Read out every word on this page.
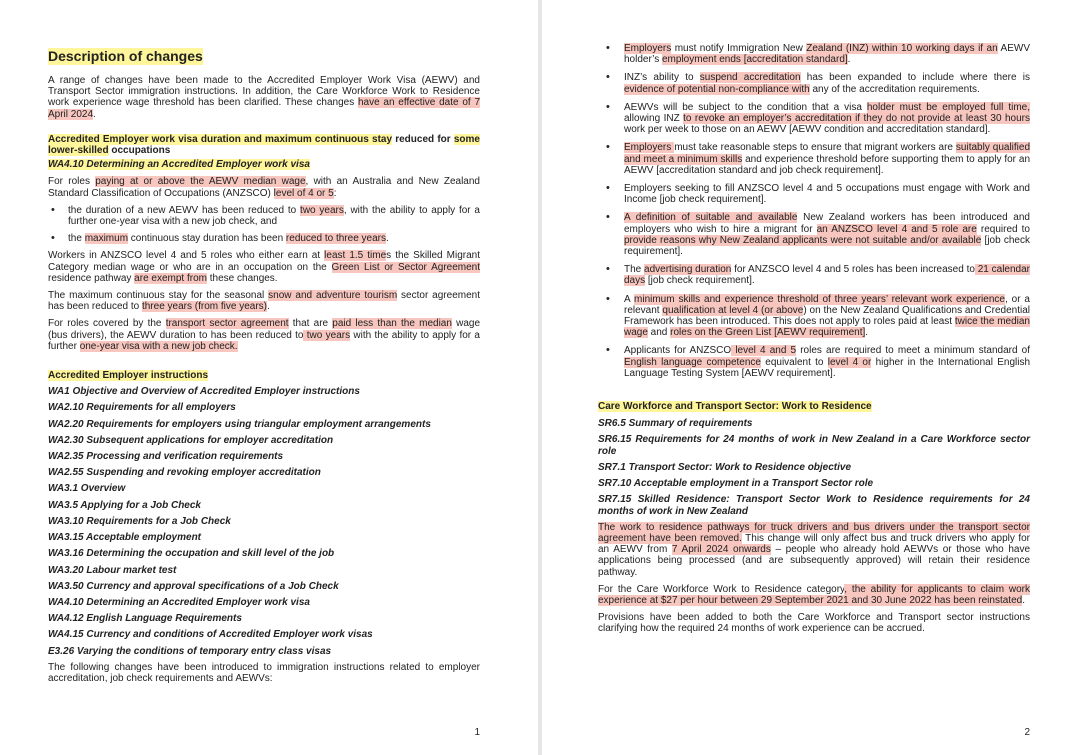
Description of changes
A range of changes have been made to the Accredited Employer Work Visa (AEWV) and Transport Sector immigration instructions. In addition, the Care Workforce Work to Residence work experience wage threshold has been clarified. These changes have an effective date of 7 April 2024.
Accredited Employer work visa duration and maximum continuous stay reduced for some lower-skilled occupations
WA4.10 Determining an Accredited Employer work visa
For roles paying at or above the AEWV median wage, with an Australia and New Zealand Standard Classification of Occupations (ANZSCO) level of 4 or 5:
• the duration of a new AEWV has been reduced to two years, with the ability to apply for a further one-year visa with a new job check, and
• the maximum continuous stay duration has been reduced to three years.
Workers in ANZSCO level 4 and 5 roles who either earn at least 1.5 times the Skilled Migrant Category median wage or who are in an occupation on the Green List or Sector Agreement residence pathway are exempt from these changes.
The maximum continuous stay for the seasonal snow and adventure tourism sector agreement has been reduced to three years (from five years).
For roles covered by the transport sector agreement that are paid less than the median wage (bus drivers), the AEWV duration to has been reduced to two years with the ability to apply for a further one-year visa with a new job check.
Accredited Employer instructions
WA1 Objective and Overview of Accredited Employer instructions
WA2.10 Requirements for all employers
WA2.20 Requirements for employers using triangular employment arrangements
WA2.30 Subsequent applications for employer accreditation
WA2.35 Processing and verification requirements
WA2.55 Suspending and revoking employer accreditation
WA3.1 Overview
WA3.5 Applying for a Job Check
WA3.10 Requirements for a Job Check
WA3.15 Acceptable employment
WA3.16 Determining the occupation and skill level of the job
WA3.20 Labour market test
WA3.50 Currency and approval specifications of a Job Check
WA4.10 Determining an Accredited Employer work visa
WA4.12 English Language Requirements
WA4.15 Currency and conditions of Accredited Employer work visas
E3.26 Varying the conditions of temporary entry class visas
The following changes have been introduced to immigration instructions related to employer accreditation, job check requirements and AEWVs:
1
• Employers must notify Immigration New Zealand (INZ) within 10 working days if an AEWV holder’s employment ends [accreditation standard].
• INZ’s ability to suspend accreditation has been expanded to include where there is evidence of potential non-compliance with any of the accreditation requirements.
• AEWVs will be subject to the condition that a visa holder must be employed full time, allowing INZ to revoke an employer’s accreditation if they do not provide at least 30 hours work per week to those on an AEWV [AEWV condition and accreditation standard].
• Employers must take reasonable steps to ensure that migrant workers are suitably qualified and meet a minimum skills and experience threshold before supporting them to apply for an AEWV [accreditation standard and job check requirement].
• Employers seeking to fill ANZSCO level 4 and 5 occupations must engage with Work and Income [job check requirement].
• A definition of suitable and available New Zealand workers has been introduced and employers who wish to hire a migrant for an ANZSCO level 4 and 5 role are required to provide reasons why New Zealand applicants were not suitable and/or available [job check requirement].
• The advertising duration for ANZSCO level 4 and 5 roles has been increased to 21 calendar days [job check requirement].
• A minimum skills and experience threshold of three years’ relevant work experience, or a relevant qualification at level 4 (or above) on the New Zealand Qualifications and Credential Framework has been introduced. This does not apply to roles paid at least twice the median wage and roles on the Green List [AEWV requirement].
• Applicants for ANZSCO level 4 and 5 roles are required to meet a minimum standard of English language competence equivalent to level 4 or higher in the International English Language Testing System [AEWV requirement].
Care Workforce and Transport Sector: Work to Residence
SR6.5 Summary of requirements
SR6.15 Requirements for 24 months of work in New Zealand in a Care Workforce sector role
SR7.1 Transport Sector: Work to Residence objective
SR7.10 Acceptable employment in a Transport Sector role
SR7.15 Skilled Residence: Transport Sector Work to Residence requirements for 24 months of work in New Zealand
The work to residence pathways for truck drivers and bus drivers under the transport sector agreement have been removed. This change will only affect bus and truck drivers who apply for an AEWV from 7 April 2024 onwards – people who already hold AEWVs or those who have applications being processed (and are subsequently approved) will retain their residence pathway.
For the Care Workforce Work to Residence category, the ability for applicants to claim work experience at $27 per hour between 29 September 2021 and 30 June 2022 has been reinstated.
Provisions have been added to both the Care Workforce and Transport sector instructions clarifying how the required 24 months of work experience can be accrued.
2
